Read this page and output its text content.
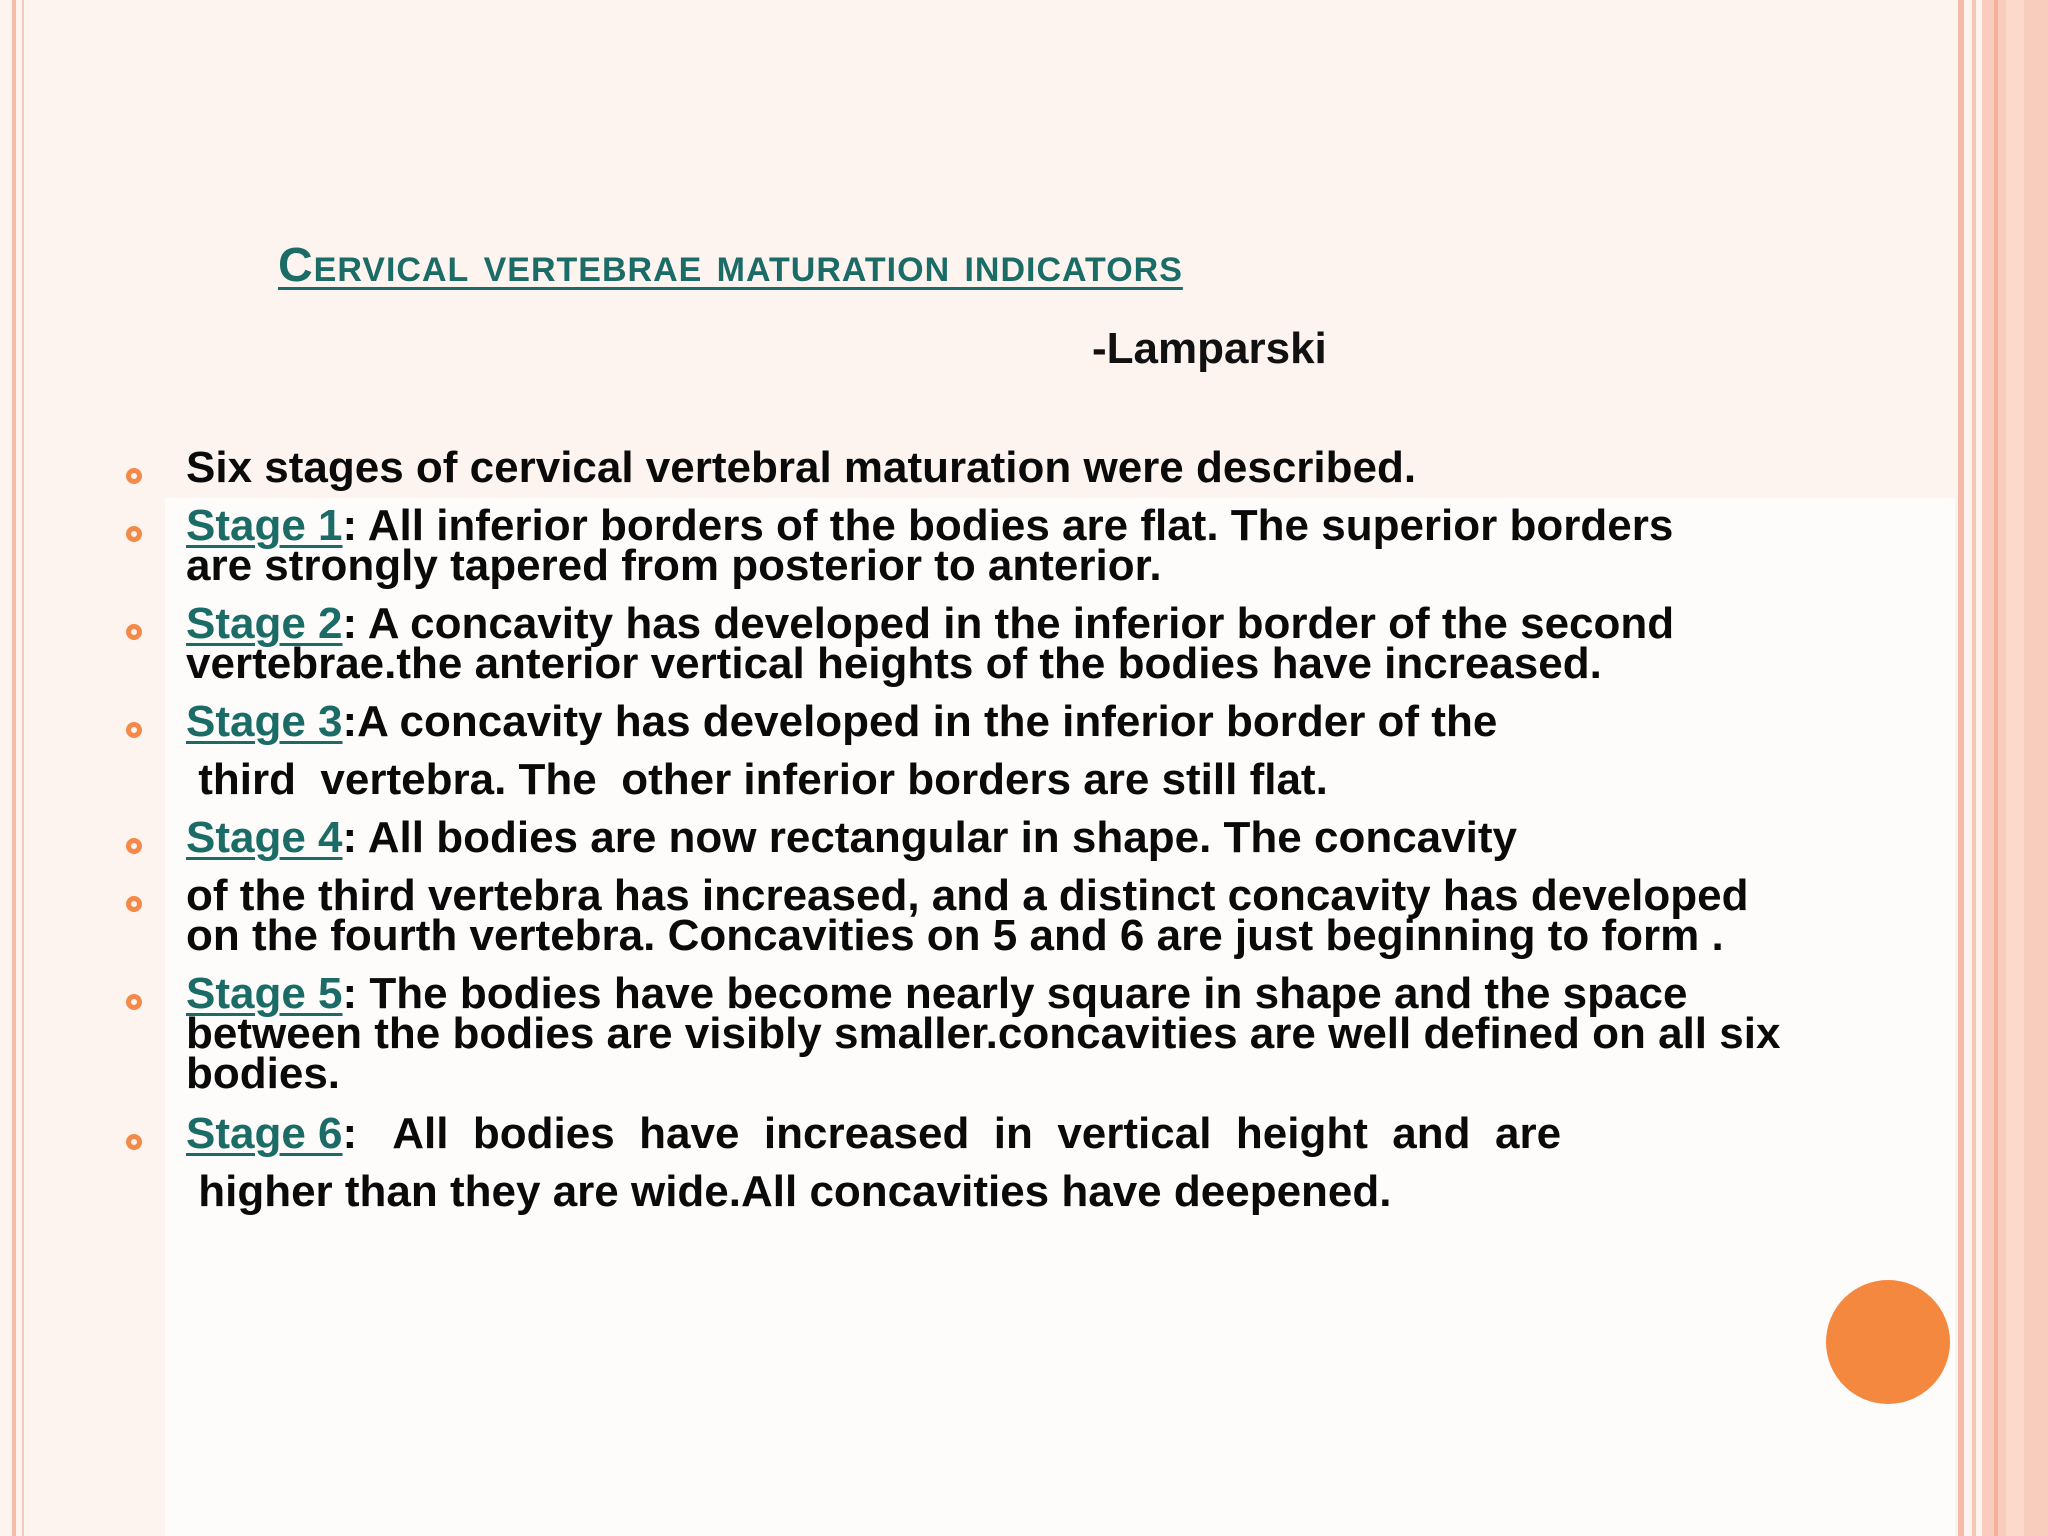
Cervical vertebrae maturation indicators
-Lamparski
Six stages of cervical vertebral maturation were described.
Stage 1: All inferior borders of the bodies are flat. The superior borders
are strongly tapered from posterior to anterior.
Stage 2: A concavity has developed in the inferior border of the second
vertebrae.the anterior vertical heights of the bodies have increased.
Stage 3:A concavity has developed in the inferior border of the
third  vertebra. The  other inferior borders are still flat.
Stage 4: All bodies are now rectangular in shape. The concavity
of the third vertebra has increased, and a distinct concavity has developed
on the fourth vertebra. Concavities on 5 and 6 are just beginning to form .
Stage 5: The bodies have become nearly square in shape and the space
between the bodies are visibly smaller.concavities are well defined on all six
bodies.
Stage 6:   All  bodies  have  increased  in  vertical  height  and  are
higher than they are wide.All concavities have deepened.
